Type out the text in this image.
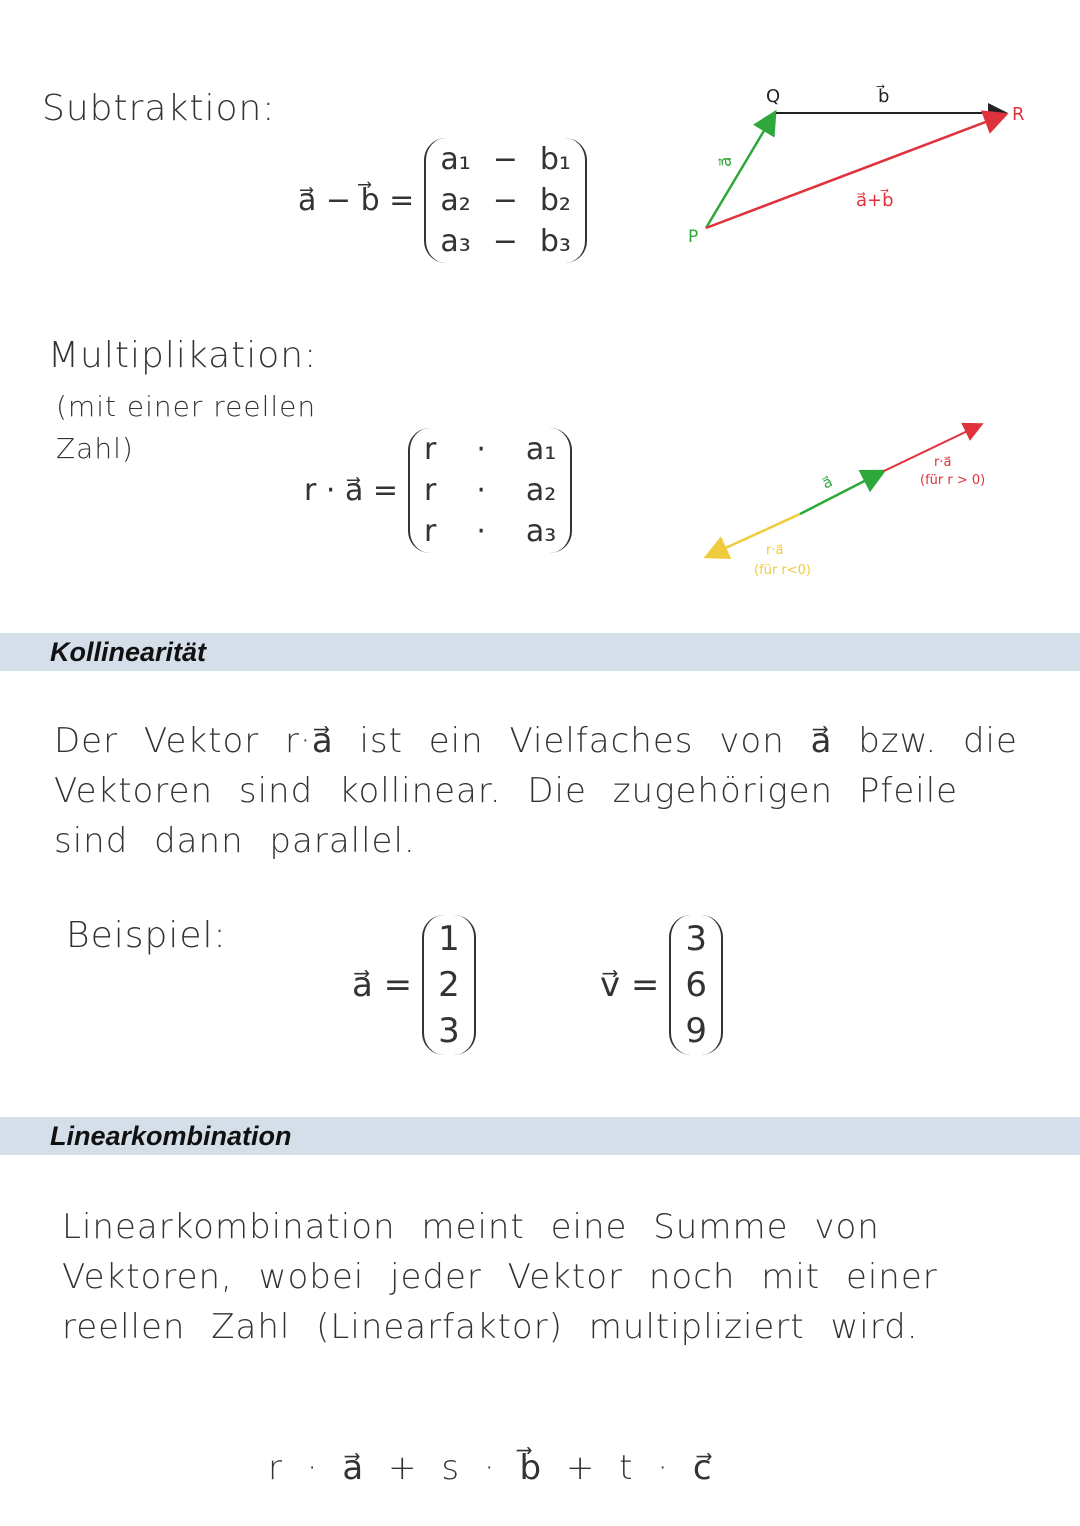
Subtraktion:
a⃗ − b⃗ =
a₁ − b₁
a₂ − b₂
a₃ − b₃	P
Q
R
a⃗
b⃗
a⃗+b⃗
Multiplikation:
(mit einer reellen Zahl)
r · a⃗ =
r · a₁
r · a₂
r · a₃
a⃗
r·a⃗
(für r > 0)
r·a⃗
(für r<0)
Kollinearität
Der Vektor r·a⃗ ist ein Vielfaches von a⃗ bzw. die Vektoren sind kollinear. Die zugehörigen Pfeile sind dann parallel.
Beispiel:
a⃗ =
1
2
3
v⃗ =
3
6
9
Linearkombination
Linearkombination meint eine Summe von Vektoren, wobei jeder Vektor noch mit einer reellen Zahl (Linearfaktor) multipliziert wird.
r · a⃗ + s · b⃗ + t · c⃗
